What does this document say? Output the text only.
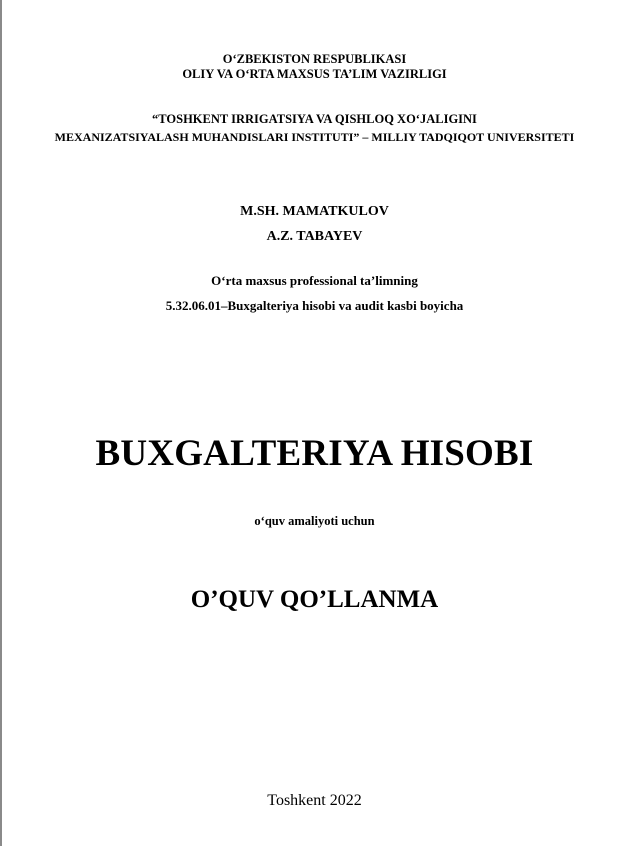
O‘ZBEKISTON RESPUBLIKASI
OLIY VA O‘RTA MAXSUS TA’LIM VAZIRLIGI
“TOSHKENT IRRIGATSIYA VA QISHLOQ XO‘JALIGINI
MEXANIZATSIYALASH MUHANDISLARI INSTITUTI” – MILLIY TADQIQOT UNIVERSITETI
M.SH. MAMATKULOV
A.Z. TABAYEV
O‘rta maxsus professional ta’limning
5.32.06.01–Buxgalteriya hisobi va audit kasbi boyicha
BUXGALTERIYA HISOBI
o‘quv amaliyoti uchun
O’QUV QO’LLANMA
Toshkent 2022
